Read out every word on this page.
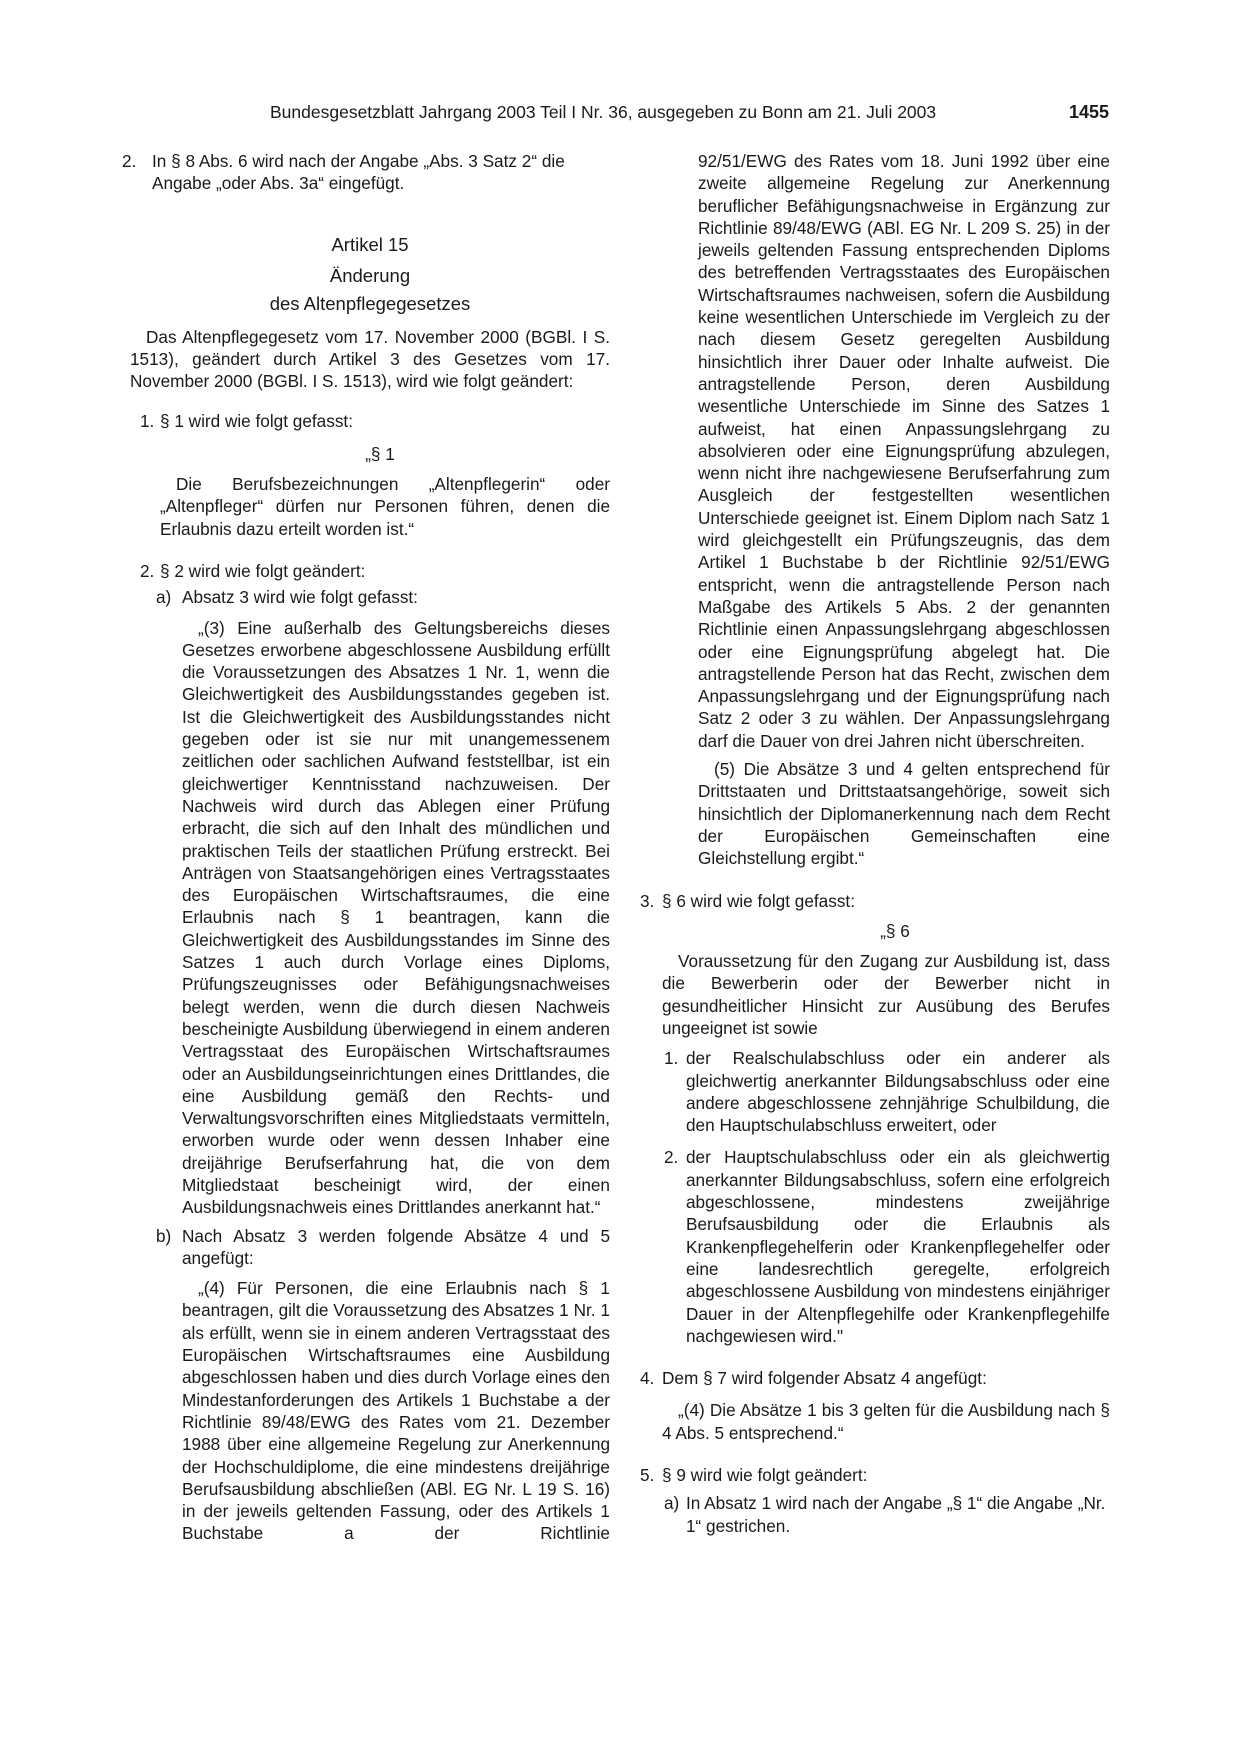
Bundesgesetzblatt Jahrgang 2003 Teil I Nr. 36, ausgegeben zu Bonn am 21. Juli 2003	1455
2. In § 8 Abs. 6 wird nach der Angabe „Abs. 3 Satz 2“ die Angabe „oder Abs. 3a“ eingefügt.

Artikel 15

Änderung

des Altenpflegegesetzes

Das Altenpflegegesetz vom 17. November 2000 (BGBl. I S. 1513), geändert durch Artikel 3 des Gesetzes vom 17. November 2000 (BGBl. I S. 1513), wird wie folgt geändert:

1. § 1 wird wie folgt gefasst:

„§ 1

Die Berufsbezeichnungen „Altenpflegerin“ oder „Altenpfleger“ dürfen nur Personen führen, denen die Erlaubnis dazu erteilt worden ist.“

2. § 2 wird wie folgt geändert:

a) Absatz 3 wird wie folgt gefasst:

„(3) Eine außerhalb des Geltungsbereichs dieses Gesetzes erworbene abgeschlossene Ausbildung erfüllt die Voraussetzungen des Absatzes 1 Nr. 1, wenn die Gleichwertigkeit des Ausbildungsstandes gegeben ist. Ist die Gleichwertigkeit des Ausbildungsstandes nicht gegeben oder ist sie nur mit unangemessenem zeitlichen oder sachlichen Aufwand feststellbar, ist ein gleichwertiger Kenntnisstand nachzuweisen. Der Nachweis wird durch das Ablegen einer Prüfung erbracht, die sich auf den Inhalt des mündlichen und praktischen Teils der staatlichen Prüfung erstreckt. Bei Anträgen von Staatsangehörigen eines Vertragsstaates des Europäischen Wirtschaftsraumes, die eine Erlaubnis nach § 1 beantragen, kann die Gleichwertigkeit des Ausbildungsstandes im Sinne des Satzes 1 auch durch Vorlage eines Diploms, Prüfungszeugnisses oder Befähigungsnachweises belegt werden, wenn die durch diesen Nachweis bescheinigte Ausbildung überwiegend in einem anderen Vertragsstaat des Europäischen Wirtschaftsraumes oder an Ausbildungseinrichtungen eines Drittlandes, die eine Ausbildung gemäß den Rechts- und Verwaltungsvorschriften eines Mitgliedstaats vermitteln, erworben wurde oder wenn dessen Inhaber eine dreijährige Berufserfahrung hat, die von dem Mitgliedstaat bescheinigt wird, der einen Ausbildungsnachweis eines Drittlandes anerkannt hat.“

b) Nach Absatz 3 werden folgende Absätze 4 und 5 angefügt:

„(4) Für Personen, die eine Erlaubnis nach § 1 beantragen, gilt die Voraussetzung des Absatzes 1 Nr. 1 als erfüllt, wenn sie in einem anderen Vertragsstaat des Europäischen Wirtschaftsraumes eine Ausbildung abgeschlossen haben und dies durch Vorlage eines den Mindestanforderungen des Artikels 1 Buchstabe a der Richtlinie 89/48/EWG des Rates vom 21. Dezember 1988 über eine allgemeine Regelung zur Anerkennung der Hochschuldiplome, die eine mindestens dreijährige Berufsausbildung abschließen (ABl. EG Nr. L 19 S. 16) in der jeweils geltenden Fassung, oder des Artikels 1 Buchstabe a der Richtlinie

92/51/EWG des Rates vom 18. Juni 1992 über eine zweite allgemeine Regelung zur Anerkennung beruflicher Befähigungsnachweise in Ergänzung zur Richtlinie 89/48/EWG (ABl. EG Nr. L 209 S. 25) in der jeweils geltenden Fassung entsprechenden Diploms des betreffenden Vertragsstaates des Europäischen Wirtschaftsraumes nachweisen, sofern die Ausbildung keine wesentlichen Unterschiede im Vergleich zu der nach diesem Gesetz geregelten Ausbildung hinsichtlich ihrer Dauer oder Inhalte aufweist. Die antragstellende Person, deren Ausbildung wesentliche Unterschiede im Sinne des Satzes 1 aufweist, hat einen Anpassungslehrgang zu absolvieren oder eine Eignungsprüfung abzulegen, wenn nicht ihre nachgewiesene Berufserfahrung zum Ausgleich der festgestellten wesentlichen Unterschiede geeignet ist. Einem Diplom nach Satz 1 wird gleichgestellt ein Prüfungszeugnis, das dem Artikel 1 Buchstabe b der Richtlinie 92/51/EWG entspricht, wenn die antragstellende Person nach Maßgabe des Artikels 5 Abs. 2 der genannten Richtlinie einen Anpassungslehrgang abgeschlossen oder eine Eignungsprüfung abgelegt hat. Die antragstellende Person hat das Recht, zwischen dem Anpassungslehrgang und der Eignungsprüfung nach Satz 2 oder 3 zu wählen. Der Anpassungslehrgang darf die Dauer von drei Jahren nicht überschreiten.

(5) Die Absätze 3 und 4 gelten entsprechend für Drittstaaten und Drittstaatsangehörige, soweit sich hinsichtlich der Diplomanerkennung nach dem Recht der Europäischen Gemeinschaften eine Gleichstellung ergibt.“

3. § 6 wird wie folgt gefasst:

„§ 6

Voraussetzung für den Zugang zur Ausbildung ist, dass die Bewerberin oder der Bewerber nicht in gesundheitlicher Hinsicht zur Ausübung des Berufes ungeeignet ist sowie

1. der Realschulabschluss oder ein anderer als gleichwertig anerkannter Bildungsabschluss oder eine andere abgeschlossene zehnjährige Schulbildung, die den Hauptschulabschluss erweitert, oder

2. der Hauptschulabschluss oder ein als gleichwertig anerkannter Bildungsabschluss, sofern eine erfolgreich abgeschlossene, mindestens zweijährige Berufsausbildung oder die Erlaubnis als Krankenpflegehelferin oder Krankenpflegehelfer oder eine landesrechtlich geregelte, erfolgreich abgeschlossene Ausbildung von mindestens einjähriger Dauer in der Altenpflegehilfe oder Krankenpflegehilfe nachgewiesen wird."

4. Dem § 7 wird folgender Absatz 4 angefügt:

„(4) Die Absätze 1 bis 3 gelten für die Ausbildung nach § 4 Abs. 5 entsprechend.“

5. § 9 wird wie folgt geändert:

a) In Absatz 1 wird nach der Angabe „§ 1“ die Angabe „Nr. 1“ gestrichen.
